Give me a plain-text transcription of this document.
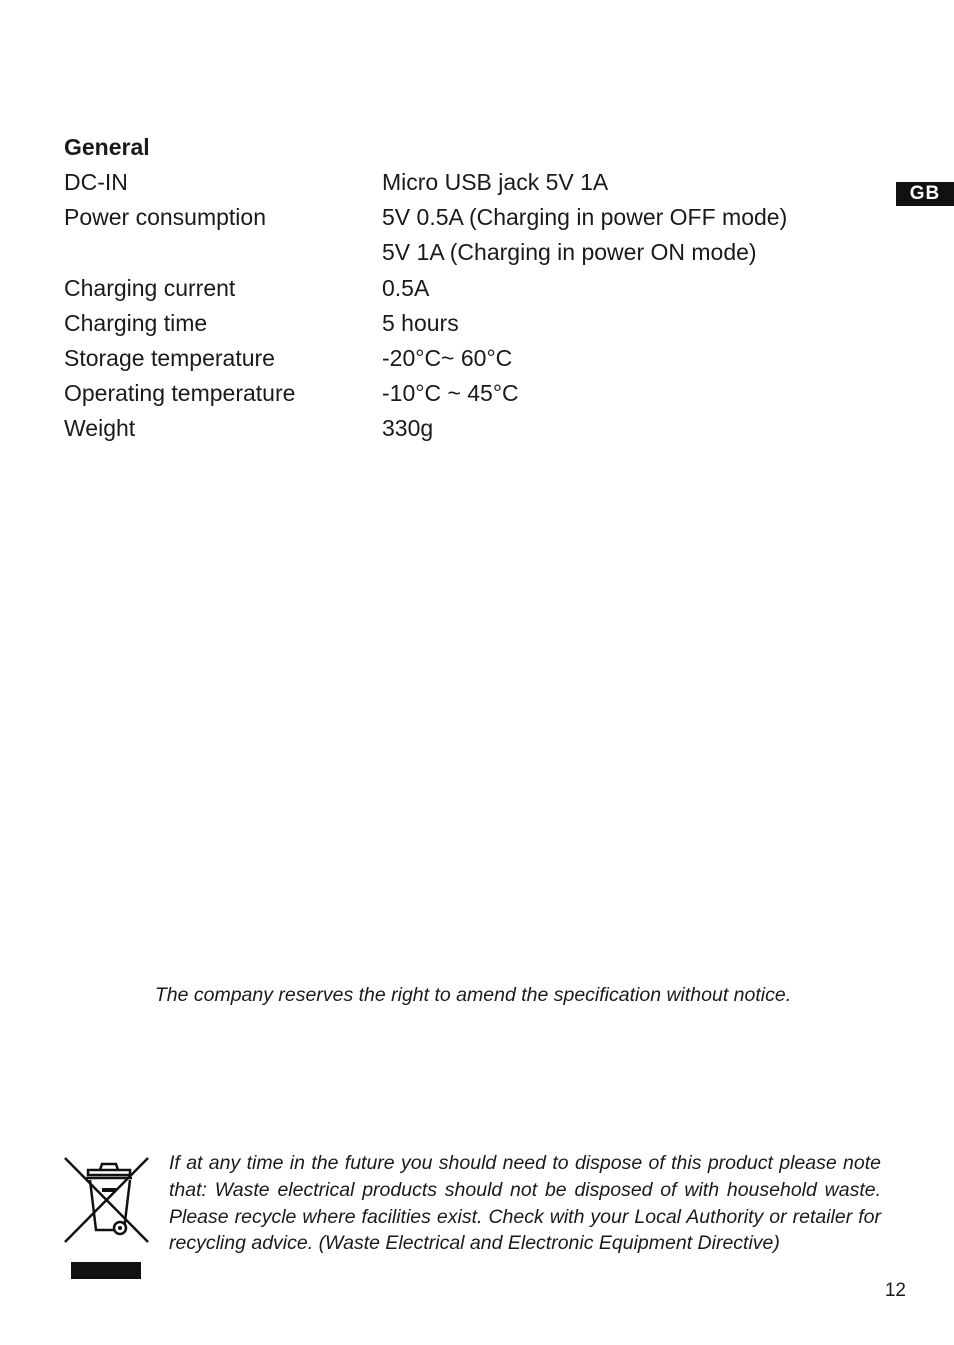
GB
General
DC-IN	Micro USB jack 5V 1A
Power consumption	5V 0.5A (Charging in power OFF mode)
5V 1A (Charging in power ON mode)
Charging current	0.5A
Charging time	5 hours
Storage temperature	-20°C~ 60°C
Operating temperature	-10°C ~ 45°C
Weight	330g
The company reserves the right to amend the specification without notice.
If at any time in the future you should need to dispose of this product please note that: Waste electrical products should not be disposed of with household waste. Please recycle where facilities exist. Check with your Local Authority or retailer for recycling advice. (Waste Electrical and Electronic Equipment Directive)
12
